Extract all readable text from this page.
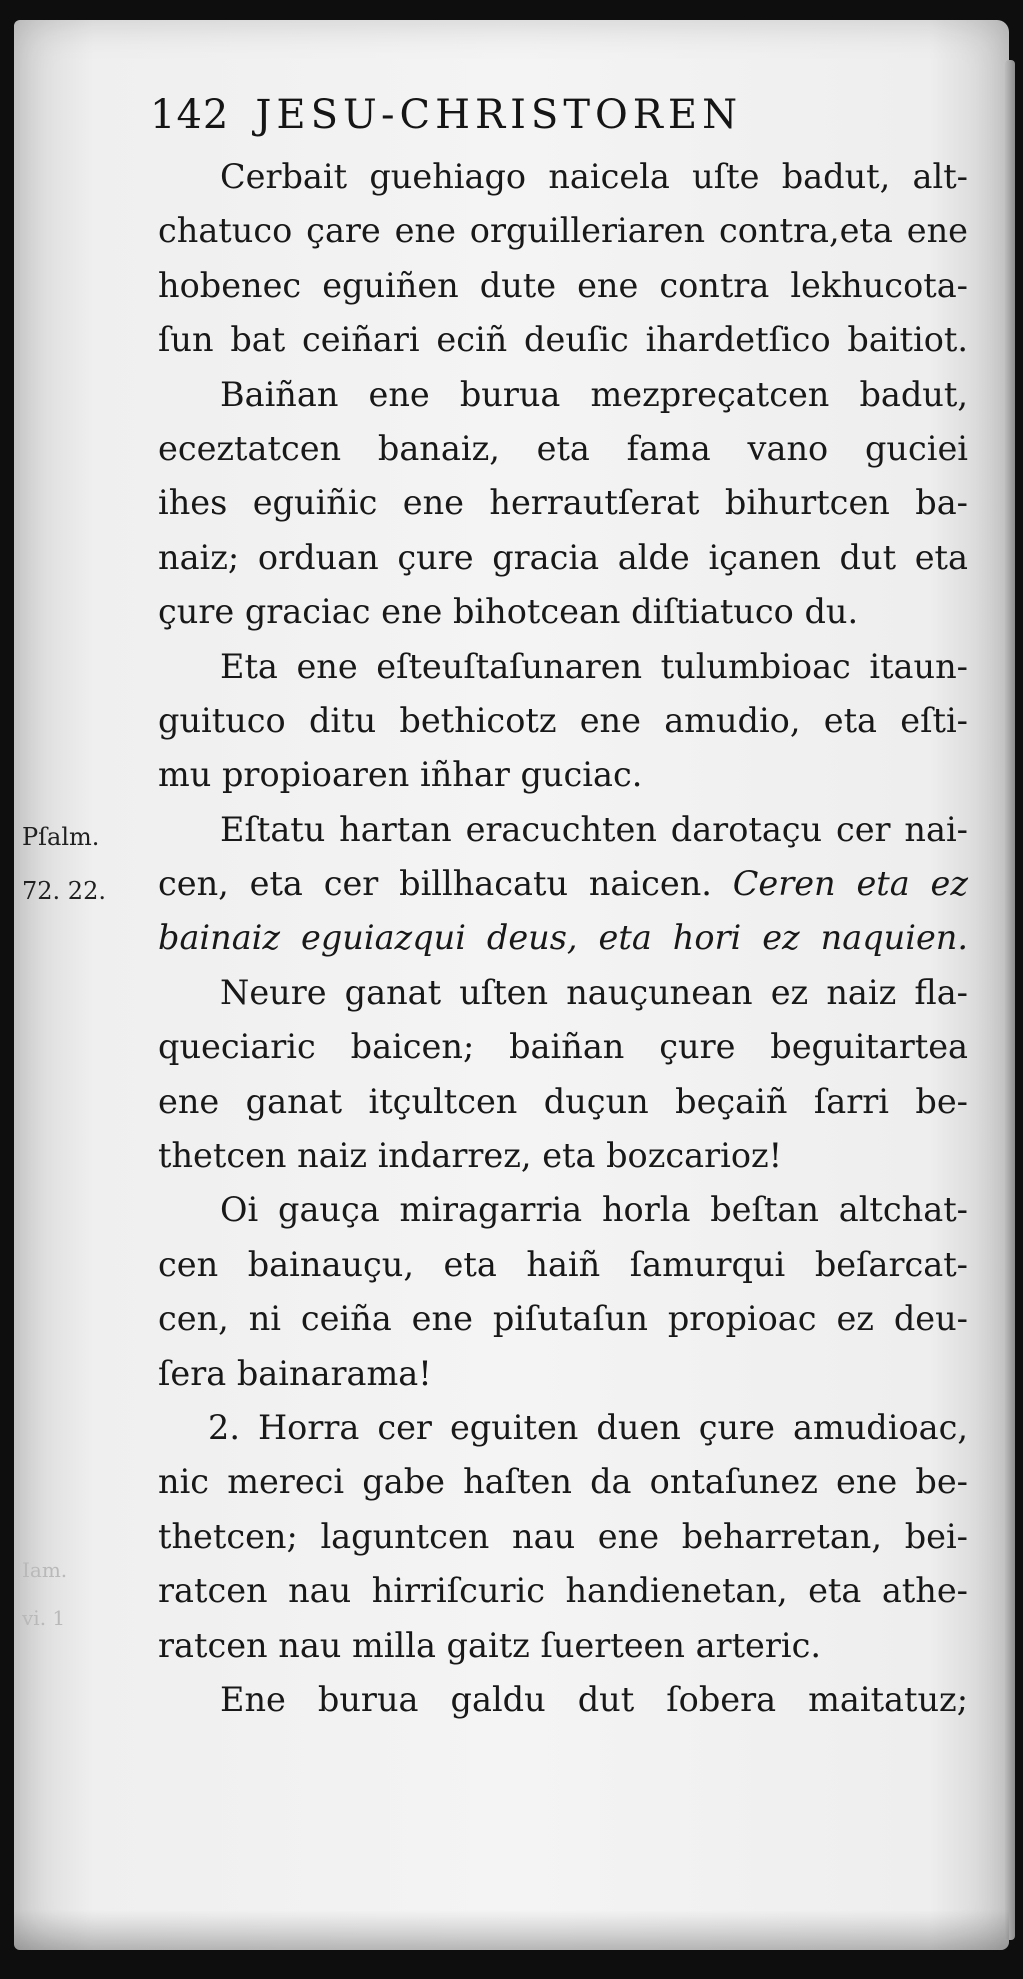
142 JESU-CHRISTOREN
Pſalm.
72. 22.
Iam.
vi. 1
Cerbait guehiago naicela uſte badut, alt-
chatuco çare ene orguilleriaren contra,eta ene
hobenec eguiñen dute ene contra lekhucota-
ſun bat ceiñari eciñ deuſic ihardetſico baitiot.
Baiñan ene burua mezpreçatcen badut,
eceztatcen banaiz, eta fama vano guciei
ihes eguiñic ene herrautſerat bihurtcen ba-
naiz; orduan çure gracia alde içanen dut eta
çure graciac ene bihotcean diſtiatuco du.
Eta ene eſteuſtaſunaren tulumbioac itaun-
guituco ditu bethicotz ene amudio, eta eſti-
mu propioaren iñhar guciac.
Eſtatu hartan eracuchten darotaçu cer nai-
cen, eta cer billhacatu naicen. Ceren eta ez
bainaiz eguiazqui deus, eta hori ez naquien.
Neure ganat uſten nauçunean ez naiz fla-
queciaric baicen; baiñan çure beguitartea
ene ganat itçultcen duçun beçaiñ ſarri be-
thetcen naiz indarrez, eta bozcarioz!
Oi gauça miragarria horla beſtan altchat-
cen bainauçu, eta haiñ ſamurqui beſarcat-
cen, ni ceiña ene piſutaſun propioac ez deu-
ſera bainarama!
2. Horra cer eguiten duen çure amudioac,
nic mereci gabe haſten da ontaſunez ene be-
thetcen; laguntcen nau ene beharretan, bei-
ratcen nau hirriſcuric handienetan, eta athe-
ratcen nau milla gaitz ſuerteen arteric.
Ene burua galdu dut ſobera maitatuz;
